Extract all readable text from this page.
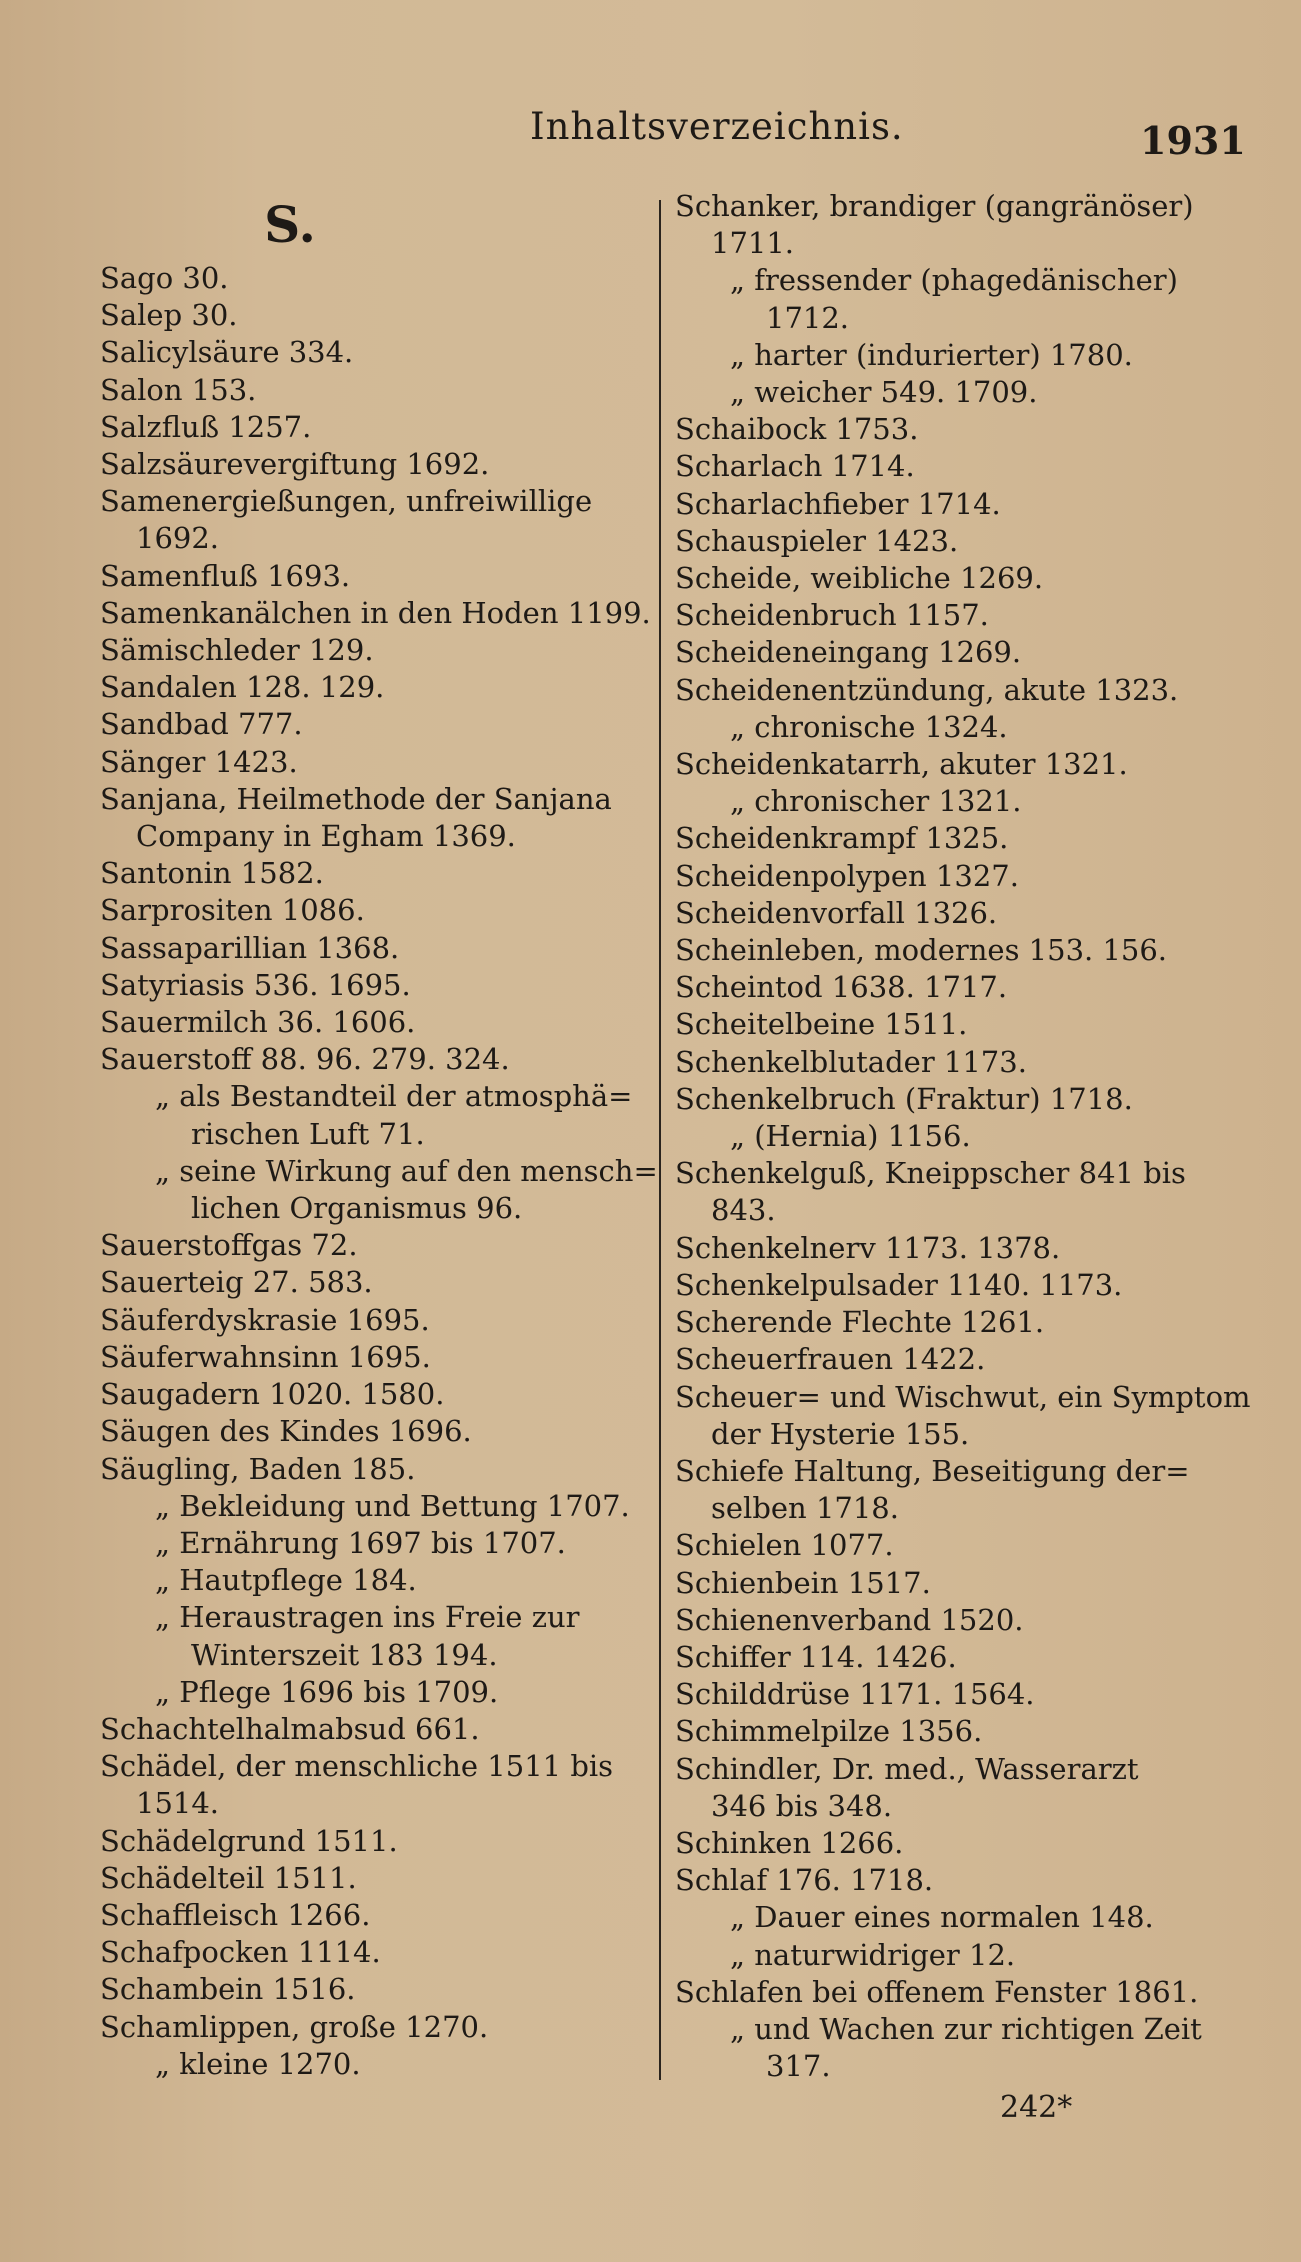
Inhaltsverzeichnis.	1931
S.
Sago 30.
Salep 30.
Salicylsäure 334.
Salon 153.
Salzfluß 1257.
Salzsäurevergiftung 1692.
Samenergießungen, unfreiwillige
1692.
Samenfluß 1693.
Samenkanälchen in den Hoden 1199.
Sämischleder 129.
Sandalen 128. 129.
Sandbad 777.
Sänger 1423.
Sanjana, Heilmethode der Sanjana
Company in Egham 1369.
Santonin 1582.
Sarprositen 1086.
Sassaparillian 1368.
Satyriasis 536. 1695.
Sauermilch 36. 1606.
Sauerstoff 88. 96. 279. 324.
„ als Bestandteil der atmosphä=
rischen Luft 71.
„ seine Wirkung auf den mensch=
lichen Organismus 96.
Sauerstoffgas 72.
Sauerteig 27. 583.
Säuferdyskrasie 1695.
Säuferwahnsinn 1695.
Saugadern 1020. 1580.
Säugen des Kindes 1696.
Säugling, Baden 185.
„ Bekleidung und Bettung 1707.
„ Ernährung 1697 bis 1707.
„ Hautpflege 184.
„ Heraustragen ins Freie zur
Winterszeit 183 194.
„ Pflege 1696 bis 1709.
Schachtelhalmabsud 661.
Schädel, der menschliche 1511 bis
1514.
Schädelgrund 1511.
Schädelteil 1511.
Schaffleisch 1266.
Schafpocken 1114.
Schambein 1516.
Schamlippen, große 1270.
„ kleine 1270.
Schanker, brandiger (gangränöser)
1711.
„ fressender (phagedänischer)
1712.
„ harter (indurierter) 1780.
„ weicher 549. 1709.
Schaibock 1753.
Scharlach 1714.
Scharlachfieber 1714.
Schauspieler 1423.
Scheide, weibliche 1269.
Scheidenbruch 1157.
Scheideneingang 1269.
Scheidenentzündung, akute 1323.
„ chronische 1324.
Scheidenkatarrh, akuter 1321.
„ chronischer 1321.
Scheidenkrampf 1325.
Scheidenpolypen 1327.
Scheidenvorfall 1326.
Scheinleben, modernes 153. 156.
Scheintod 1638. 1717.
Scheitelbeine 1511.
Schenkelblutader 1173.
Schenkelbruch (Fraktur) 1718.
„ (Hernia) 1156.
Schenkelguß, Kneippscher 841 bis
843.
Schenkelnerv 1173. 1378.
Schenkelpulsader 1140. 1173.
Scherende Flechte 1261.
Scheuerfrauen 1422.
Scheuer= und Wischwut, ein Symptom
der Hysterie 155.
Schiefe Haltung, Beseitigung der=
selben 1718.
Schielen 1077.
Schienbein 1517.
Schienenverband 1520.
Schiffer 114. 1426.
Schilddrüse 1171. 1564.
Schimmelpilze 1356.
Schindler, Dr. med., Wasserarzt
346 bis 348.
Schinken 1266.
Schlaf 176. 1718.
„ Dauer eines normalen 148.
„ naturwidriger 12.
Schlafen bei offenem Fenster 1861.
„ und Wachen zur richtigen Zeit
317.
242*
